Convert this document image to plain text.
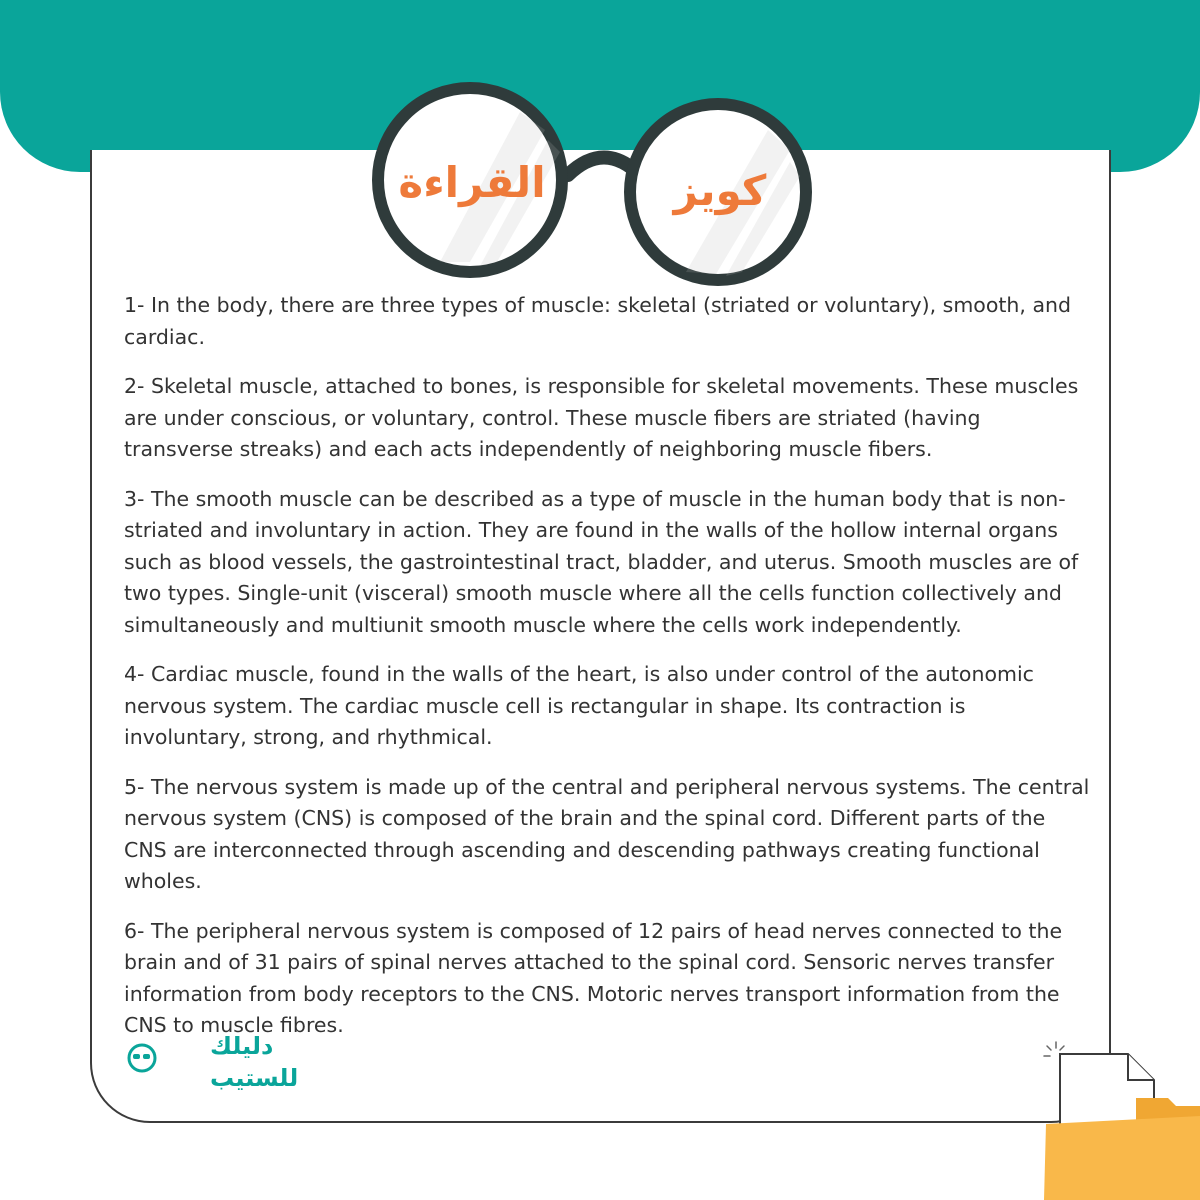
القراءة	كويز

1- In the body, there are three types of muscle: skeletal (striated or voluntary), smooth, and cardiac.

2- Skeletal muscle, attached to bones, is responsible for skeletal movements. These muscles are under conscious, or voluntary, control. These muscle fibers are striated (having transverse streaks) and each acts independently of neighboring muscle fibers.

3- The smooth muscle can be described as a type of muscle in the human body that is non-striated and involuntary in action. They are found in the walls of the hollow internal organs such as blood vessels, the gastrointestinal tract, bladder, and uterus. Smooth muscles are of two types. Single-unit (visceral) smooth muscle where all the cells function collectively and simultaneously and multiunit smooth muscle where the cells work independently.

4- Cardiac muscle, found in the walls of the heart, is also under control of the autonomic nervous system. The cardiac muscle cell is rectangular in shape. Its contraction is involuntary, strong, and rhythmical.

5- The nervous system is made up of the central and peripheral nervous systems. The central nervous system (CNS) is composed of the brain and the spinal cord. Different parts of the CNS are interconnected through ascending and descending pathways creating functional wholes.

6- The peripheral nervous system is composed of 12 pairs of head nerves connected to the brain and of 31 pairs of spinal nerves attached to the spinal cord. Sensoric nerves transfer information from body receptors to the CNS. Motoric nerves transport information from the CNS to muscle fibres.

دليلك
للستيب
